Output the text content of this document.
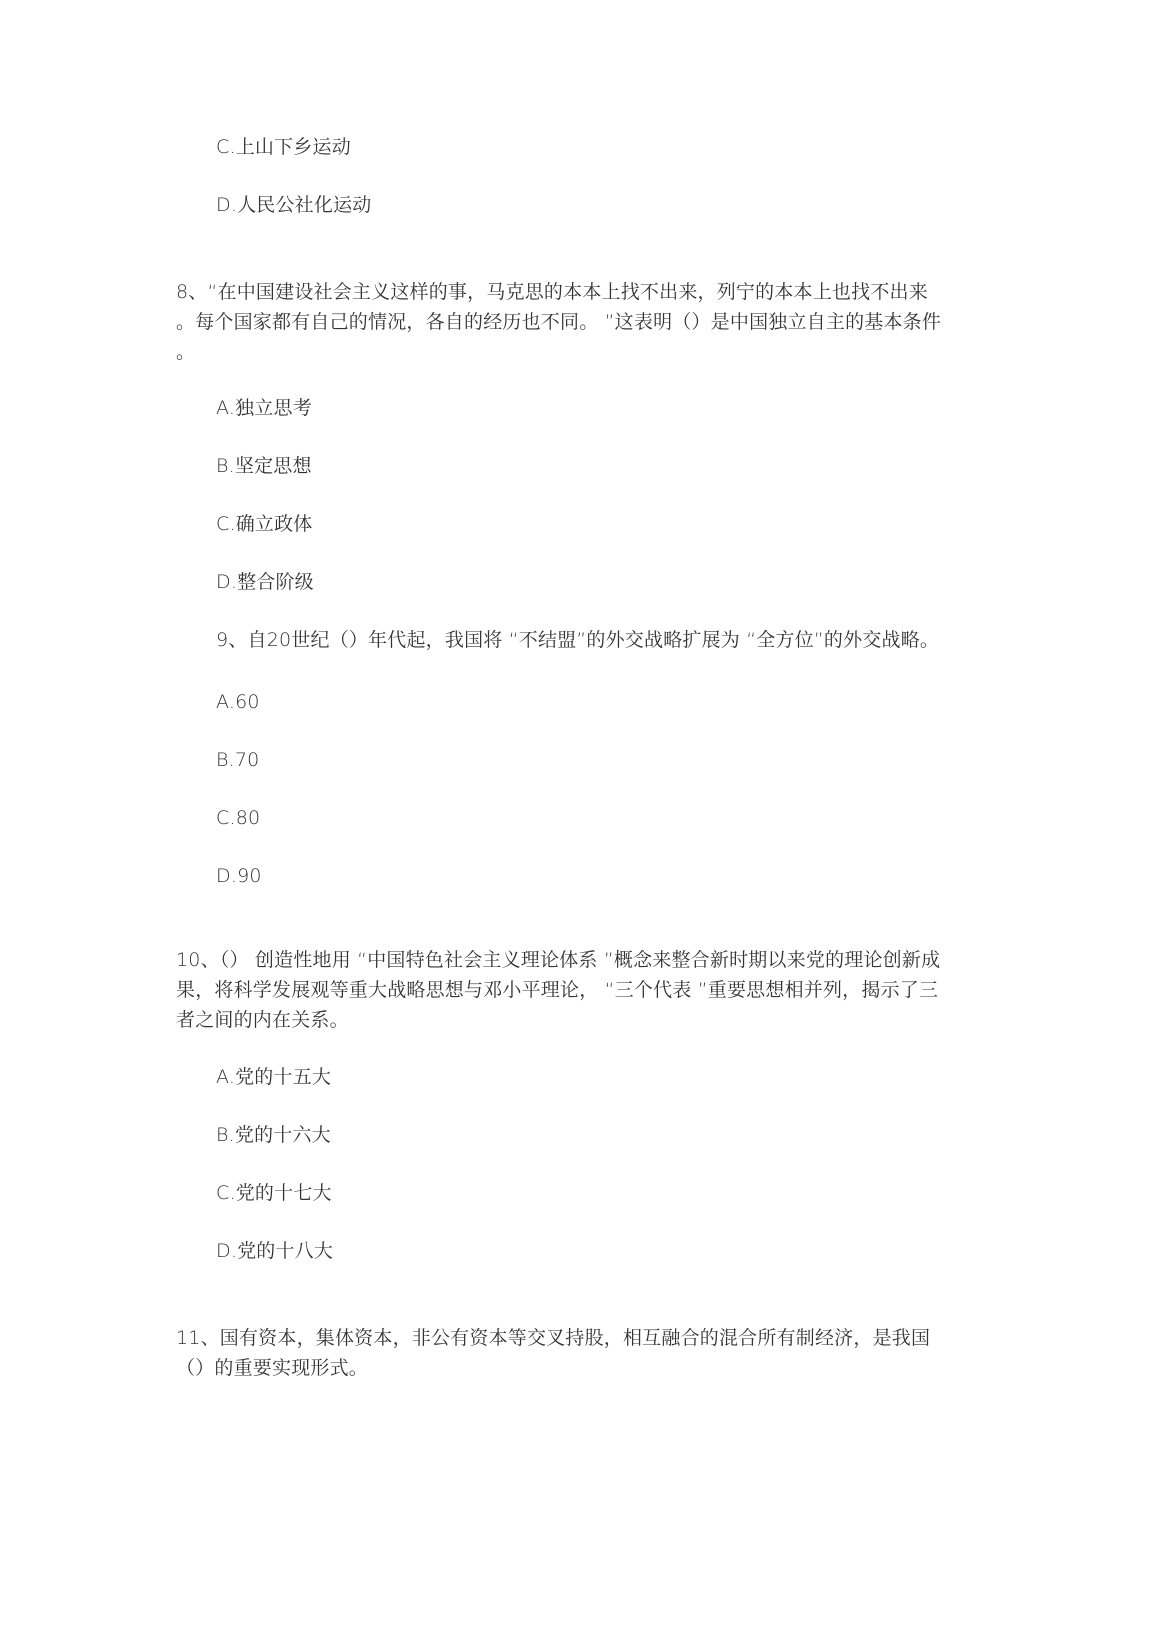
C.上山下乡运动
D.人民公社化运动
8、“在中国建设社会主义这样的事，马克思的本本上找不出来，列宁的本本上也找不出来
。每个国家都有自己的情况，各自的经历也不同。 ”这表明（）是中国独立自主的基本条件
。
A.独立思考
B.坚定思想
C.确立政体
D.整合阶级
9、自20世纪（）年代起，我国将 “不结盟”的外交战略扩展为 “全方位”的外交战略。
A.60
B.70
C.80
D.90
10、（） 创造性地用 “中国特色社会主义理论体系 ”概念来整合新时期以来党的理论创新成
果，将科学发展观等重大战略思想与邓小平理论， “三个代表 ”重要思想相并列，揭示了三
者之间的内在关系。
A.党的十五大
B.党的十六大
C.党的十七大
D.党的十八大
11、国有资本，集体资本，非公有资本等交叉持股，相互融合的混合所有制经济，是我国
（）的重要实现形式。
